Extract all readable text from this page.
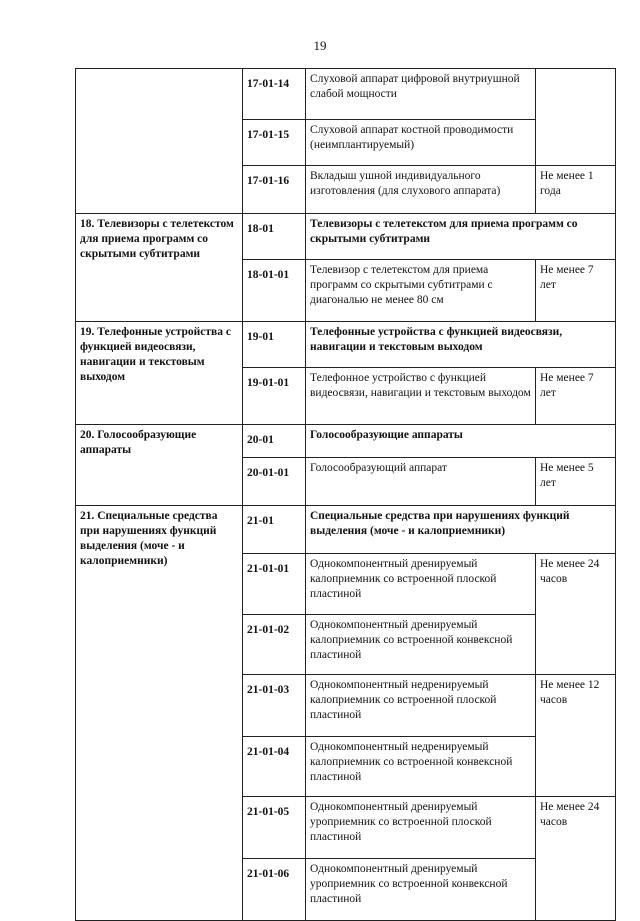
19
	17-01-14	Слуховой аппарат цифровой внутриушной слабой мощности	
	17-01-15	Слуховой аппарат костной проводимости (неимплантируемый)	
	17-01-16	Вкладыш ушной индивидуального изготовления (для слухового аппарата)	Не менее 1 года
18. Телевизоры с телетекстом для приема программ со скрытыми субтитрами	18-01	Телевизоры с телетекстом для приема программ со скрытыми субтитрами	
	18-01-01	Телевизор с телетекстом для приема программ со скрытыми субтитрами с диагональю не менее 80 см	Не менее 7 лет
19. Телефонные устройства с функцией видеосвязи, навигации и текстовым выходом	19-01	Телефонные устройства с функцией видеосвязи, навигации и текстовым выходом	
	19-01-01	Телефонное устройство с функцией видеосвязи, навигации и текстовым выходом	Не менее 7 лет
20. Голосообразующие аппараты	20-01	Голосообразующие аппараты	
	20-01-01	Голосообразующий аппарат	Не менее 5 лет
21. Специальные средства при нарушениях функций выделения (моче - и калоприемники)	21-01	Специальные средства при нарушениях функций выделения (моче - и калоприемники)	
	21-01-01	Однокомпонентный дренируемый калоприемник со встроенной плоской пластиной	Не менее 24 часов
	21-01-02	Однокомпонентный дренируемый калоприемник со встроенной конвексной пластиной	
	21-01-03	Однокомпонентный недренируемый калоприемник со встроенной плоской пластиной	Не менее 12 часов
	21-01-04	Однокомпонентный недренируемый калоприемник со встроенной конвексной пластиной	
	21-01-05	Однокомпонентный дренируемый уроприемник со встроенной плоской пластиной	Не менее 24 часов
	21-01-06	Однокомпонентный дренируемый уроприемник со встроенной конвексной пластиной	
